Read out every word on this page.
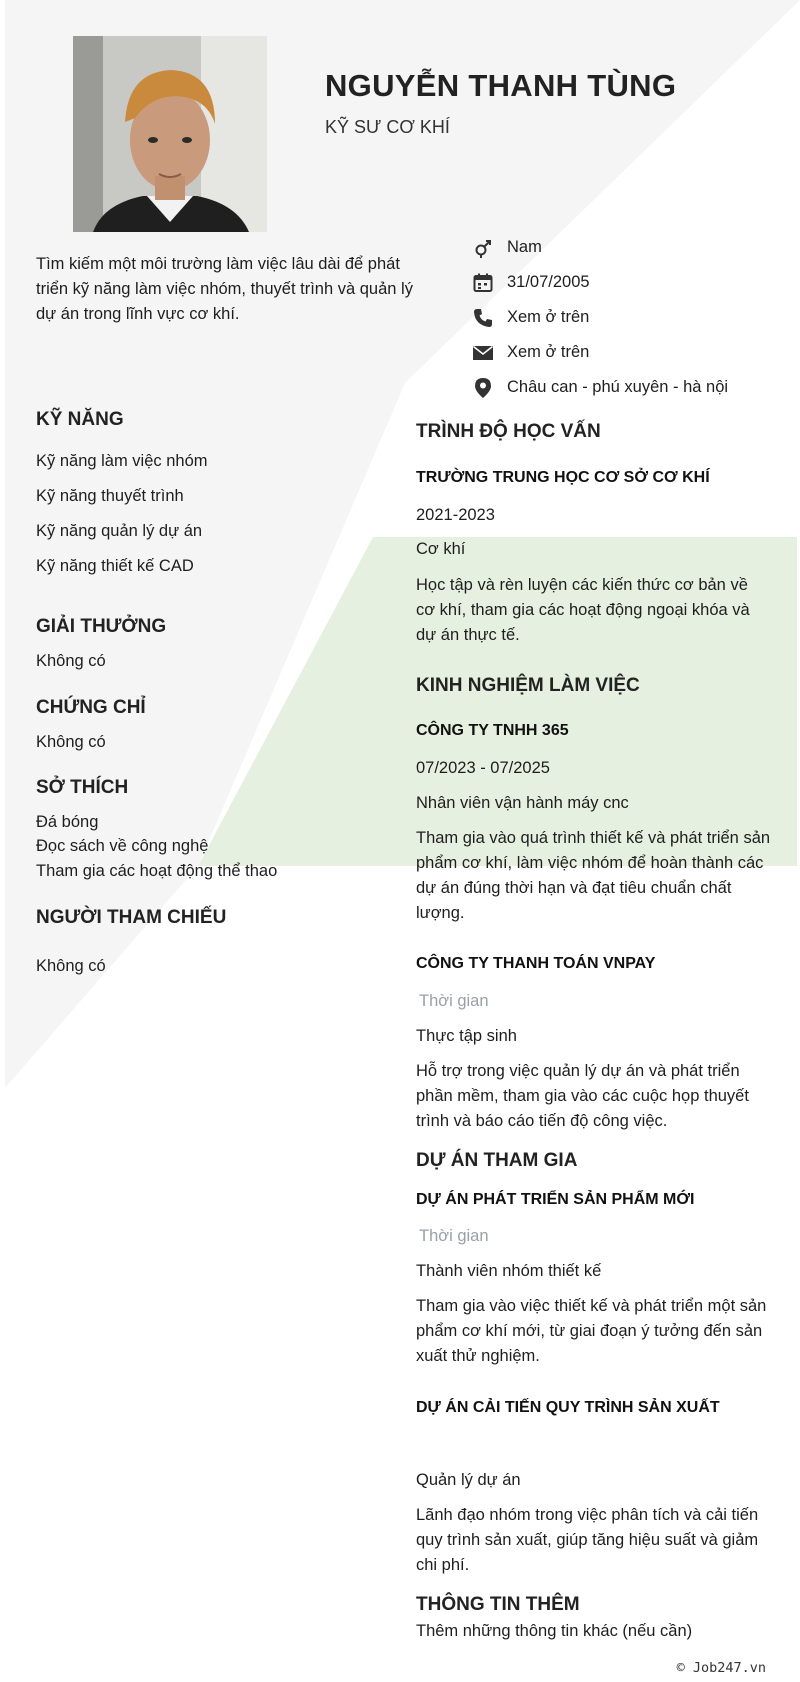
NGUYỄN THANH TÙNG
KỸ SƯ CƠ KHÍ
Tìm kiếm một môi trường làm việc lâu dài để phát triển kỹ năng làm việc nhóm, thuyết trình và quản lý dự án trong lĩnh vực cơ khí.
Nam
31/07/2005
Xem ở trên
Xem ở trên
Châu can - phú xuyên - hà nội
KỸ NĂNG
Kỹ năng làm việc nhóm
Kỹ năng thuyết trình
Kỹ năng quản lý dự án
Kỹ năng thiết kế CAD
GIẢI THƯỞNG
Không có
CHỨNG CHỈ
Không có
SỞ THÍCH
Đá bóng
Đọc sách về công nghệ
Tham gia các hoạt động thể thao
NGƯỜI THAM CHIẾU
Không có
TRÌNH ĐỘ HỌC VẤN
TRƯỜNG TRUNG HỌC CƠ SỞ CƠ KHÍ
2021-2023
Cơ khí
Học tập và rèn luyện các kiến thức cơ bản về cơ khí, tham gia các hoạt động ngoại khóa và dự án thực tế.
KINH NGHIỆM LÀM VIỆC
CÔNG TY TNHH 365
07/2023 - 07/2025
Nhân viên vận hành máy cnc
Tham gia vào quá trình thiết kế và phát triển sản phẩm cơ khí, làm việc nhóm để hoàn thành các dự án đúng thời hạn và đạt tiêu chuẩn chất lượng.
CÔNG TY THANH TOÁN VNPAY
Thời gian
Thực tập sinh
Hỗ trợ trong việc quản lý dự án và phát triển phần mềm, tham gia vào các cuộc họp thuyết trình và báo cáo tiến độ công việc.
DỰ ÁN THAM GIA
DỰ ÁN PHÁT TRIỂN SẢN PHẨM MỚI
Thời gian
Thành viên nhóm thiết kế
Tham gia vào việc thiết kế và phát triển một sản phẩm cơ khí mới, từ giai đoạn ý tưởng đến sản xuất thử nghiệm.
DỰ ÁN CẢI TIẾN QUY TRÌNH SẢN XUẤT
Quản lý dự án
Lãnh đạo nhóm trong việc phân tích và cải tiến quy trình sản xuất, giúp tăng hiệu suất và giảm chi phí.
THÔNG TIN THÊM
Thêm những thông tin khác (nếu cần)
© Job247.vn
